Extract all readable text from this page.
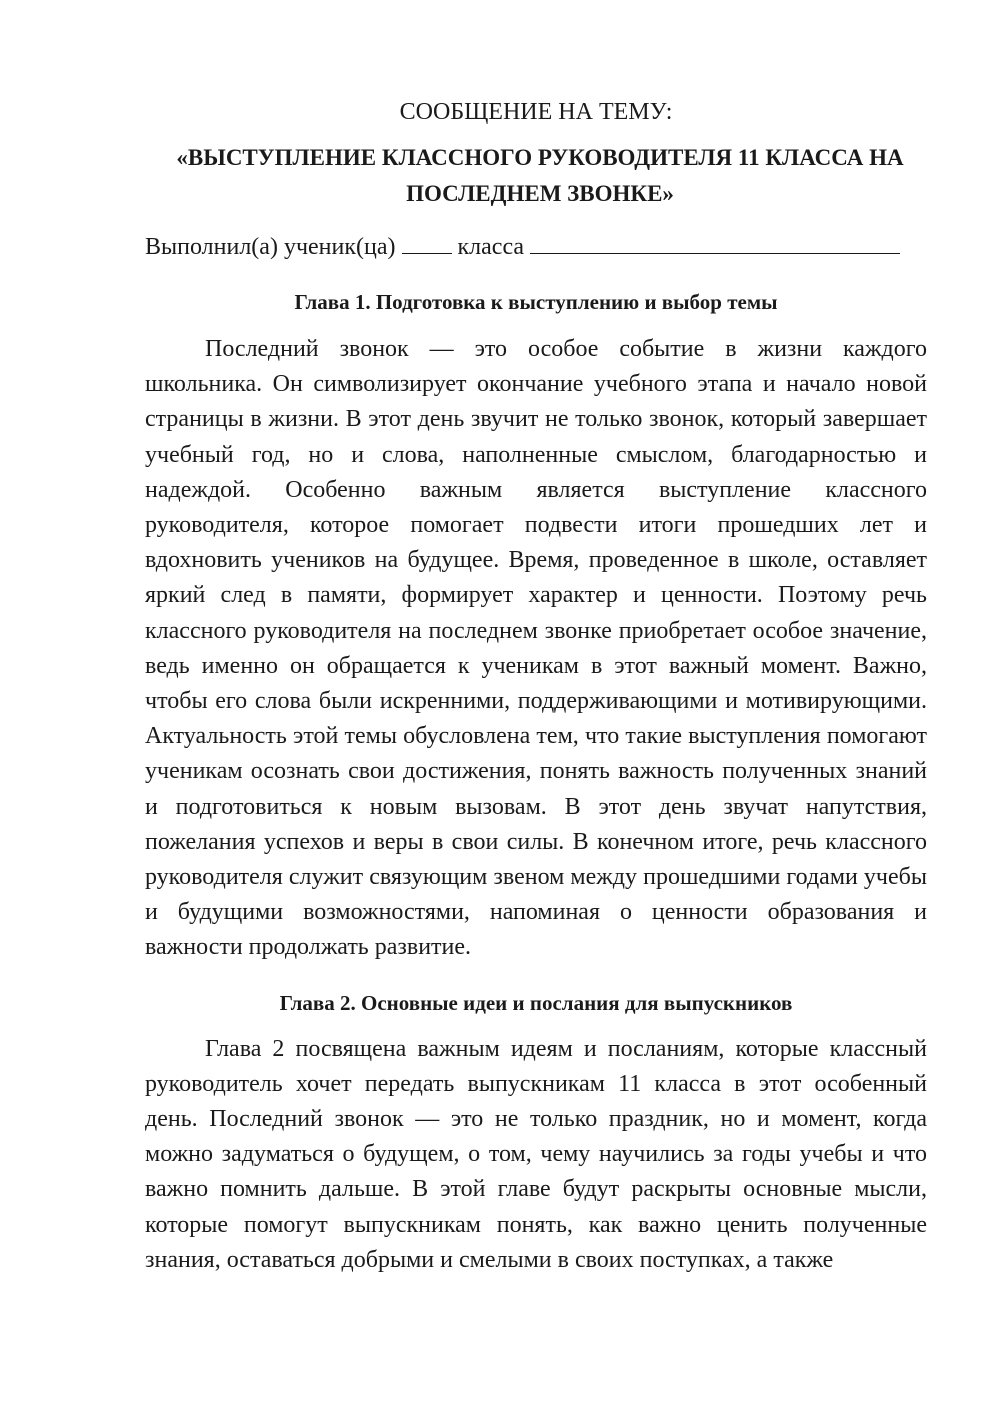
СООБЩЕНИЕ НА ТЕМУ:

«ВЫСТУПЛЕНИЕ КЛАССНОГО РУКОВОДИТЕЛЯ 11 КЛАССА НА
ПОСЛЕДНЕМ ЗВОНКЕ»
Выполнил(а) ученик(ца)	класса
Глава 1. Подготовка к выступлению и выбор темы

Последний звонок — это особое событие в жизни каждого школьника. Он символизирует окончание учебного этапа и начало новой страницы в жизни. В этот день звучит не только звонок, который завершает учебный год, но и слова, наполненные смыслом, благодарностью и надеждой. Особенно важным является выступление классного руководителя, которое помогает подвести итоги прошедших лет и вдохновить учеников на будущее. Время, проведенное в школе, оставляет яркий след в памяти, формирует характер и ценности. Поэтому речь классного руководителя на последнем звонке приобретает особое значение, ведь именно он обращается к ученикам в этот важный момент. Важно, чтобы его слова были искренними, поддерживающими и мотивирующими. Актуальность этой темы обусловлена тем, что такие выступления помогают ученикам осознать свои достижения, понять важность полученных знаний и подготовиться к новым вызовам. В этот день звучат напутствия, пожелания успехов и веры в свои силы. В конечном итоге, речь классного руководителя служит связующим звеном между прошедшими годами учебы и будущими возможностями, напоминая о ценности образования и важности продолжать развитие.

Глава 2. Основные идеи и послания для выпускников

Глава 2 посвящена важным идеям и посланиям, которые классный руководитель хочет передать выпускникам 11 класса в этот особенный день. Последний звонок — это не только праздник, но и момент, когда можно задуматься о будущем, о том, чему научились за годы учебы и что важно помнить дальше. В этой главе будут раскрыты основные мысли, которые помогут выпускникам понять, как важно ценить полученные знания, оставаться добрыми и смелыми в своих поступках, а также
